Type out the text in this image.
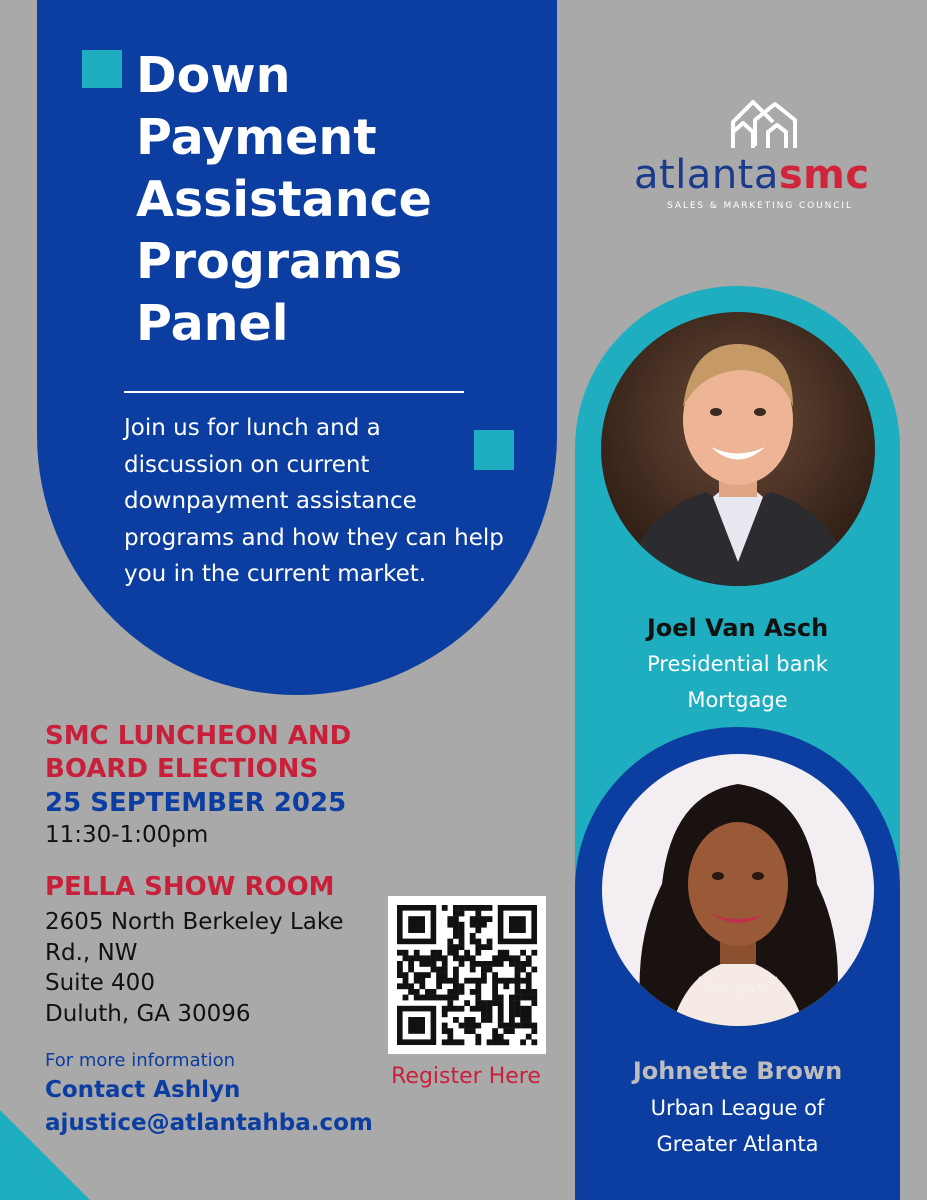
Down
Payment
Assistance
Programs
Panel
Join us for lunch and a discussion on current downpayment assistance programs and how they can help you in the current market.
atlantasmc
SALES & MARKETING COUNCIL
Joel Van Asch
Presidential bank
Mortgage
Johnette Brown
Urban League of
Greater Atlanta
SMC LUNCHEON AND
BOARD ELECTIONS
25 SEPTEMBER 2025
11:30-1:00pm
PELLA SHOW ROOM
2605 North Berkeley Lake
Rd., NW
Suite 400
Duluth, GA 30096
For more information
Contact Ashlyn
ajustice@atlantahba.com
Register Here
